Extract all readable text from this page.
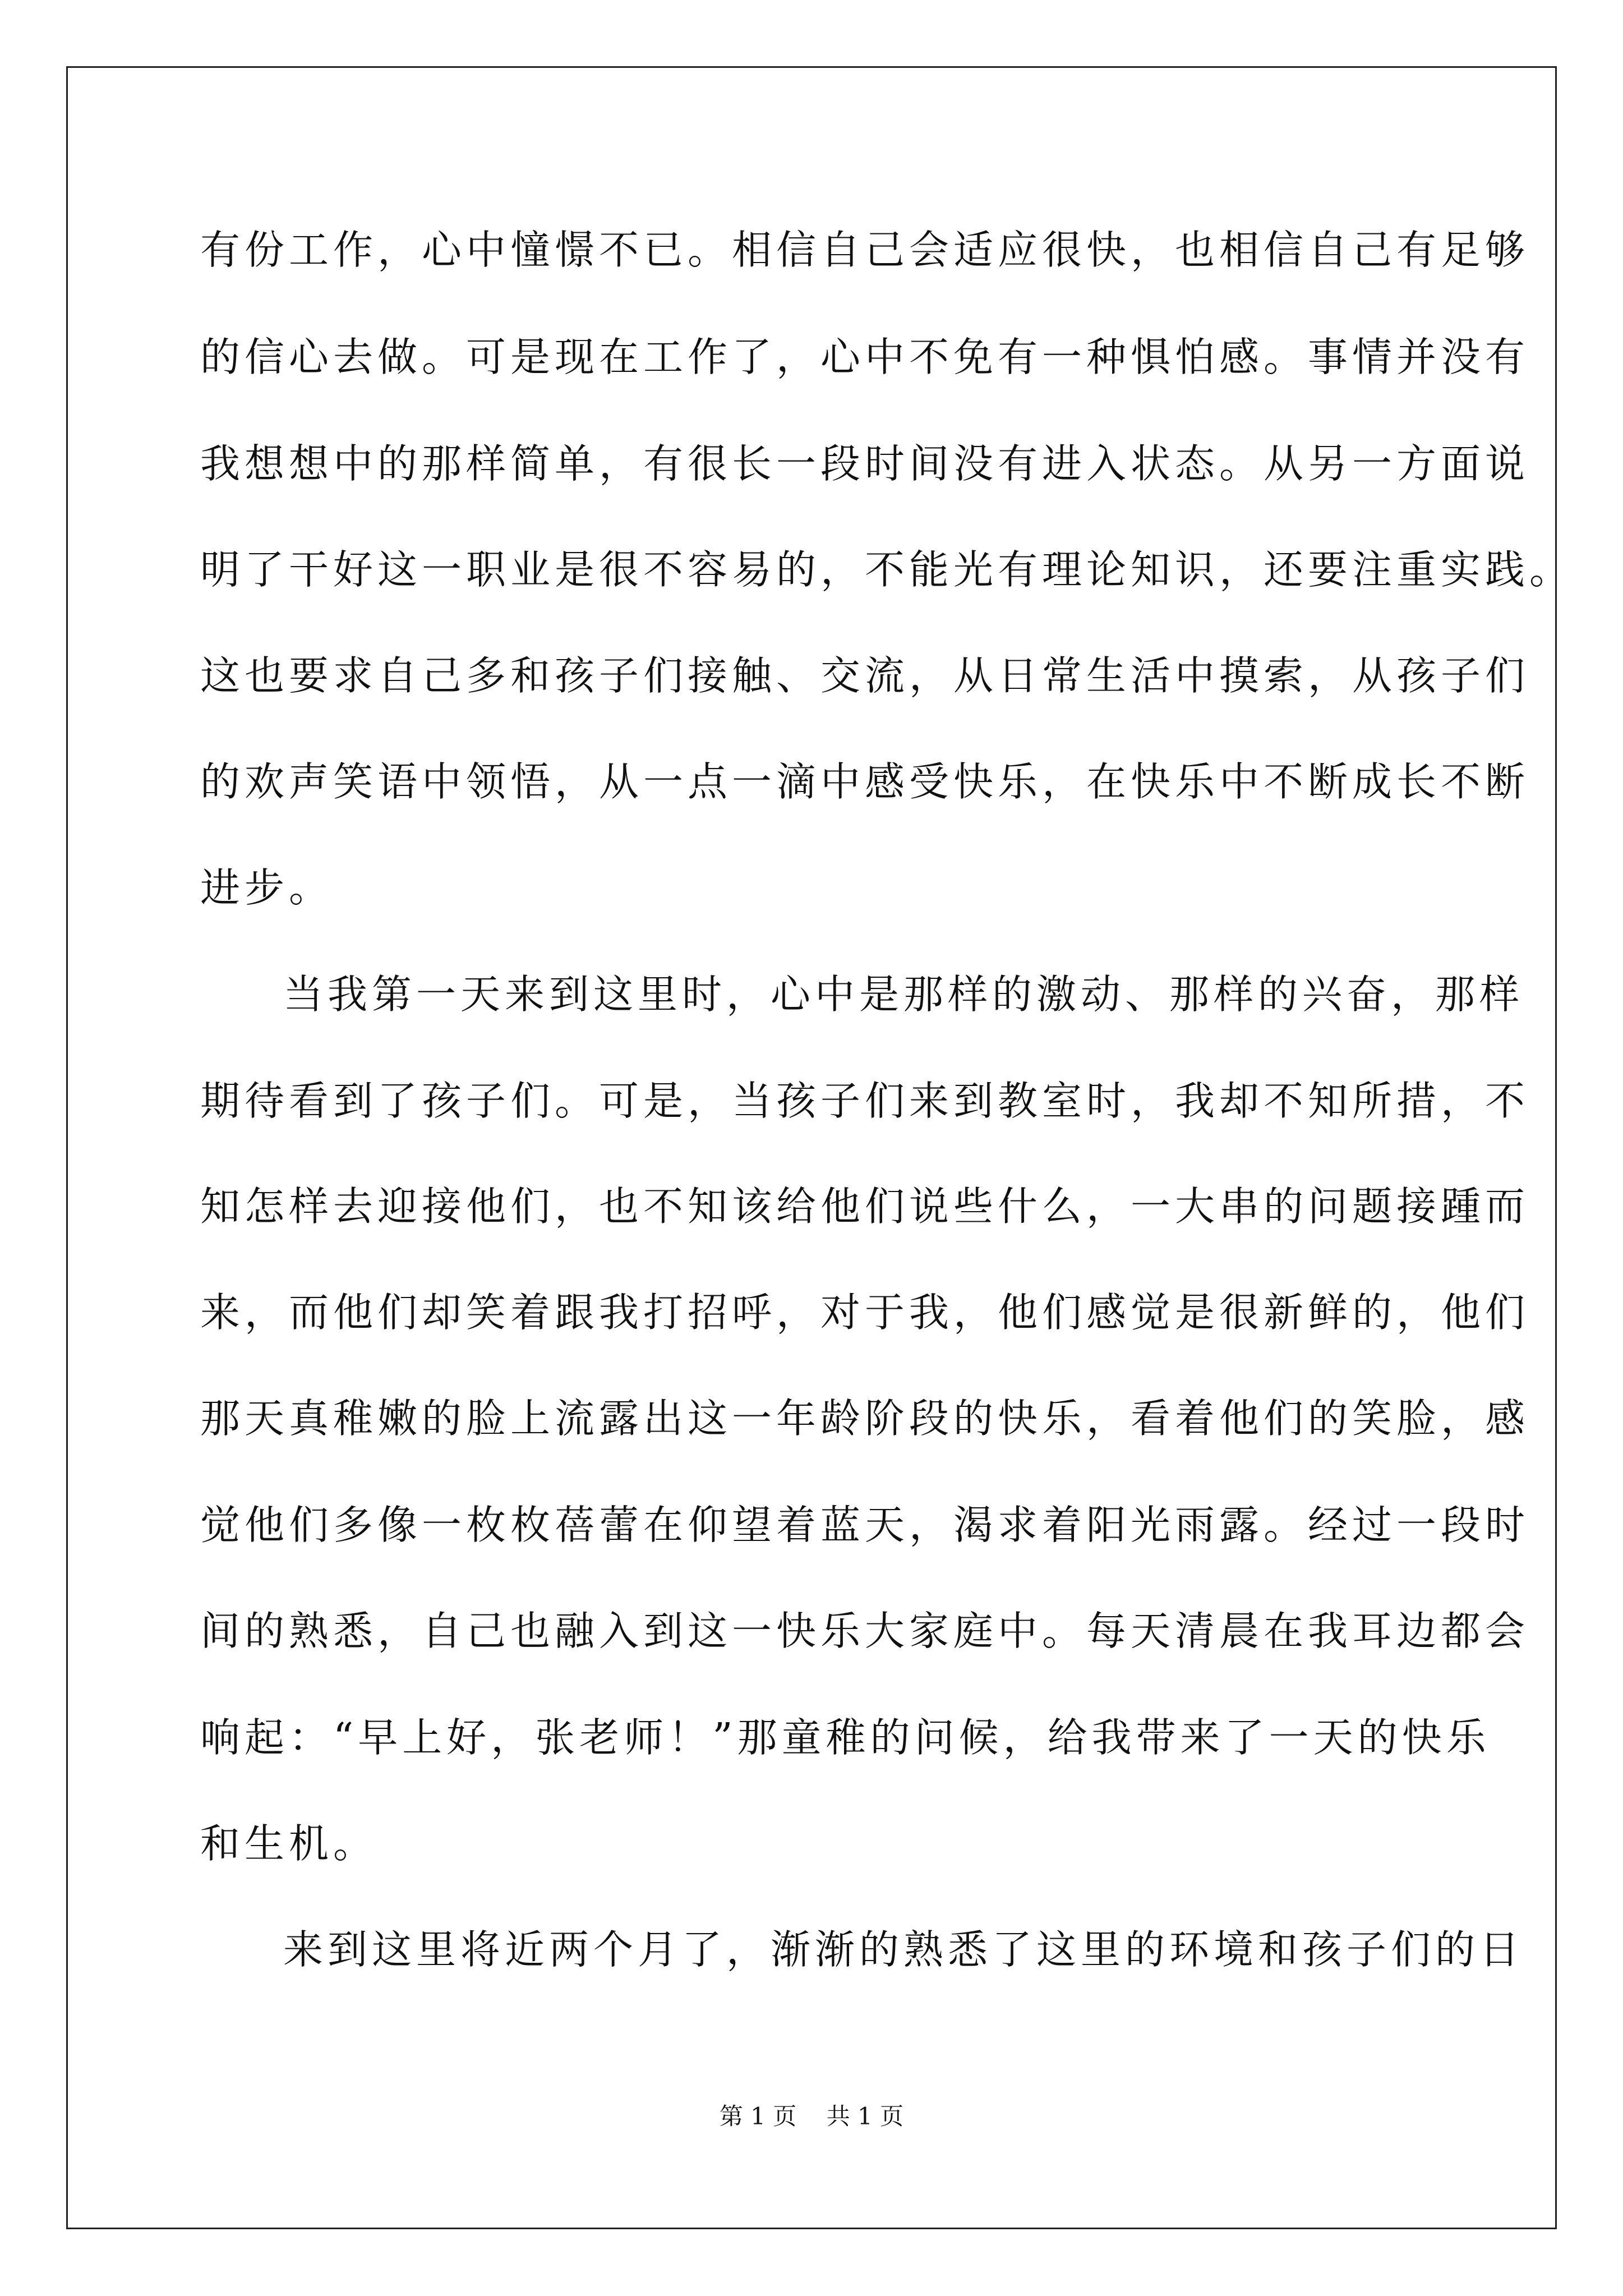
有份工作，心中憧憬不已。相信自己会适应很快，也相信自己有足够
的信心去做。可是现在工作了，心中不免有一种惧怕感。事情并没有
我想想中的那样简单，有很长一段时间没有进入状态。从另一方面说
明了干好这一职业是很不容易的，不能光有理论知识，还要注重实践。
这也要求自己多和孩子们接触、交流，从日常生活中摸索，从孩子们
的欢声笑语中领悟，从一点一滴中感受快乐，在快乐中不断成长不断
进步。
当我第一天来到这里时，心中是那样的激动、那样的兴奋，那样
期待看到了孩子们。可是，当孩子们来到教室时，我却不知所措，不
知怎样去迎接他们，也不知该给他们说些什么，一大串的问题接踵而
来，而他们却笑着跟我打招呼，对于我，他们感觉是很新鲜的，他们
那天真稚嫩的脸上流露出这一年龄阶段的快乐，看着他们的笑脸，感
觉他们多像一枚枚蓓蕾在仰望着蓝天，渴求着阳光雨露。经过一段时
间的熟悉，自己也融入到这一快乐大家庭中。每天清晨在我耳边都会
响起：“早上好，张老师！”那童稚的问候，给我带来了一天的快乐
和生机。
来到这里将近两个月了，渐渐的熟悉了这里的环境和孩子们的日
第 1 页    共 1 页
